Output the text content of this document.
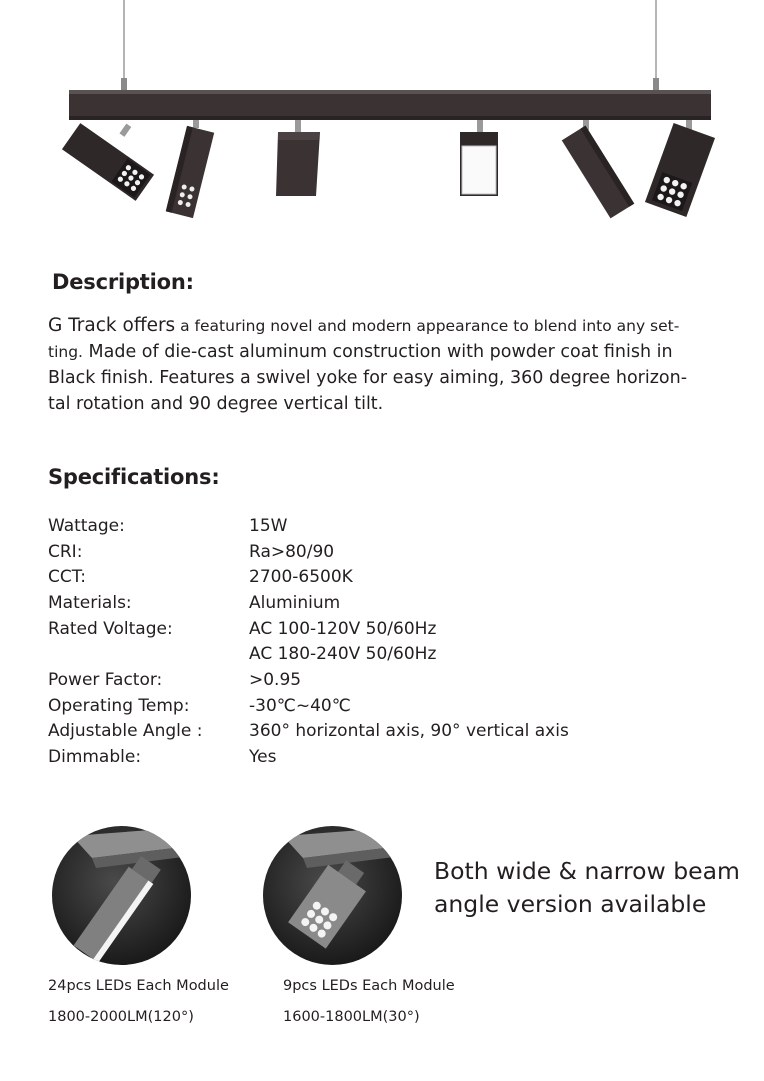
Description:
G Track offers a featuring novel and modern appearance to blend into any set-
ting. Made of die-cast aluminum construction with powder coat finish in
Black finish. Features a swivel yoke for easy aiming, 360 degree horizon-
tal rotation and 90 degree vertical tilt.
Specifications:
Wattage:	15W
CRI:	Ra>80/90
CCT:	2700-6500K
Materials:	Aluminium
Rated Voltage:	AC 100-120V 50/60Hz
AC 180-240V 50/60Hz
Power Factor:	>0.95
Operating Temp:	-30℃~40℃
Adjustable Angle :	360° horizontal axis, 90° vertical axis
Dimmable:	Yes
Both wide & narrow beam
angle version available
24pcs LEDs Each Module
1800-2000LM(120°)
9pcs LEDs Each Module
1600-1800LM(30°)
